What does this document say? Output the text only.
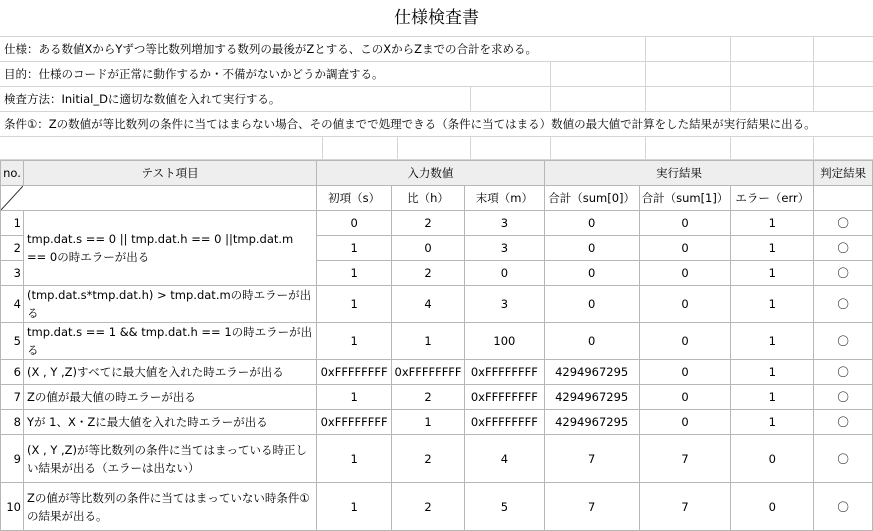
仕様検査書
仕様：ある数値XからYずつ等比数列増加する数列の最後がZとする、このXからZまでの合計を求める。
目的：仕様のコードが正常に動作するか・不備がないかどうか調査する。
検査方法：Initial_Dに適切な数値を入れて実行する。
条件①：Zの数値が等比数列の条件に当てはまらない場合、その値までで処理できる（条件に当てはまる）数値の最大値で計算をした結果が実行結果に出る。
no.	テスト項目	入力数値			実行結果			判定結果

	初項（s）	比（h）	末項（m）	合計（sum[0]）	合計（sum[1]）	エラー（err）	
1	tmp.dat.s == 0 || tmp.dat.h == 0 ||tmp.dat.m == 0の時エラーが出る	0	2	3	0	0	1	〇
2		1	0	3	0	0	1	〇
3		1	2	0	0	0	1	〇
4	(tmp.dat.s*tmp.dat.h) > tmp.dat.mの時エラーが出る	1	4	3	0	0	1	〇
5	tmp.dat.s == 1 && tmp.dat.h == 1の時エラーが出る	1	1	100	0	0	1	〇
6	(X , Y ,Z)すべてに最大値を入れた時エラーが出る	0xFFFFFFFF	0xFFFFFFFF	0xFFFFFFFF	4294967295	0	1	〇
7	Zの値が最大値の時エラーが出る	1	2	0xFFFFFFFF	4294967295	0	1	〇
8	Yが 1、X・Zに最大値を入れた時エラーが出る	0xFFFFFFFF	1	0xFFFFFFFF	4294967295	0	1	〇
9	(X , Y ,Z)が等比数列の条件に当てはまっている時正しい結果が出る（エラーは出ない）	1	2	4	7	7	0	〇
10	Zの値が等比数列の条件に当てはまっていない時条件①の結果が出る。	1	2	5	7	7	0	〇
